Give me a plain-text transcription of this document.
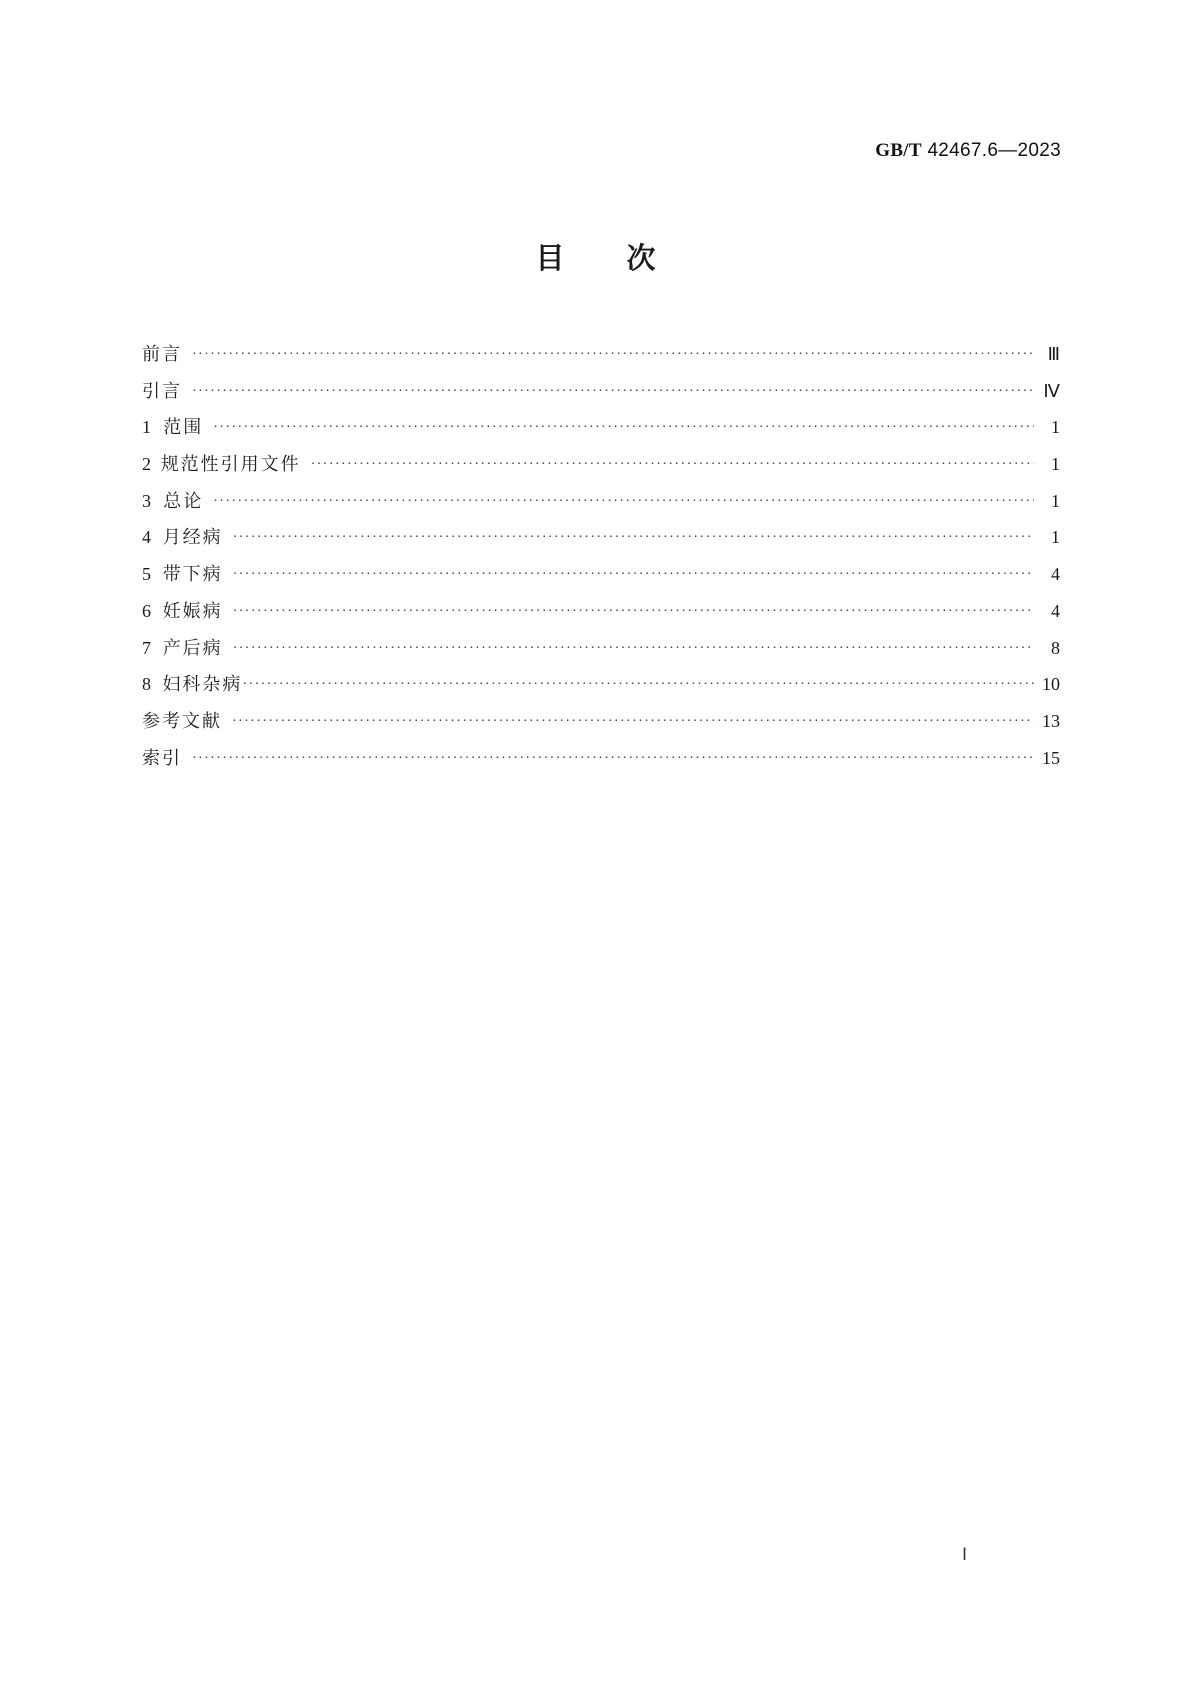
GB/T 42467.6—2023
目 次
前言 ·····	Ⅲ
引言 ·····	Ⅳ
1 范围 ·····	1
2 规范性引用文件 ·····	1
3 总论 ·····	1
4 月经病 ·····	1
5 带下病 ·····	4
6 妊娠病 ·····	4
7 产后病 ·····	8
8 妇科杂病 ·····	10
参考文献 ·····	13
索引 ·····	15
Ⅰ
